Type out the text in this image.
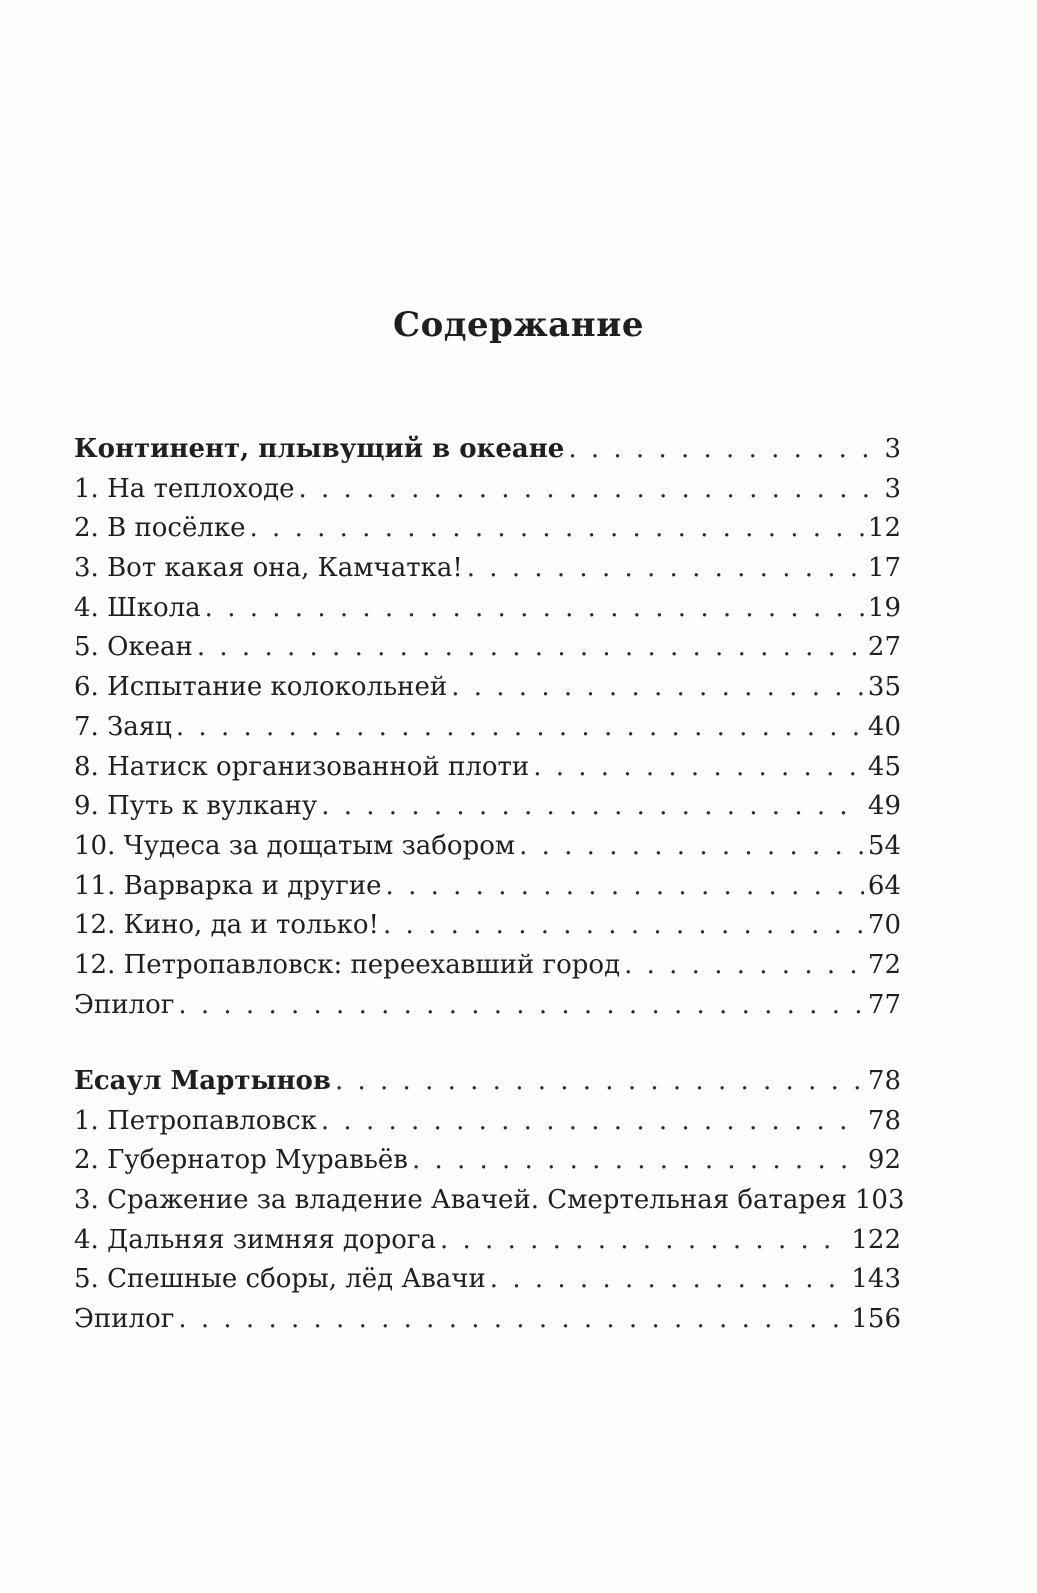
Содержание
Континент, плывущий в океане . . .	3
1. На теплоходе . . .	3
2. В посёлке . . .	12
3. Вот какая она, Камчатка! . . .	17
4. Школа . . .	19
5. Океан . . .	27
6. Испытание колокольней . . .	35
7. Заяц . . .	40
8. Натиск организованной плоти . . .	45
9. Путь к вулкану . . .	49
10. Чудеса за дощатым забором . . .	54
11. Варварка и другие . . .	64
12. Кино, да и только! . . .	70
12. Петропавловск: переехавший город . . .	72
Эпилог . . .	77
Есаул Мартынов . . .	78
1. Петропавловск . . .	78
2. Губернатор Муравьёв . . .	92
3. Сражение за владение Авачей. Смертельная батарея 103
4. Дальняя зимняя дорога . . .	122
5. Спешные сборы, лёд Авачи . . .	143
Эпилог . . .	156
